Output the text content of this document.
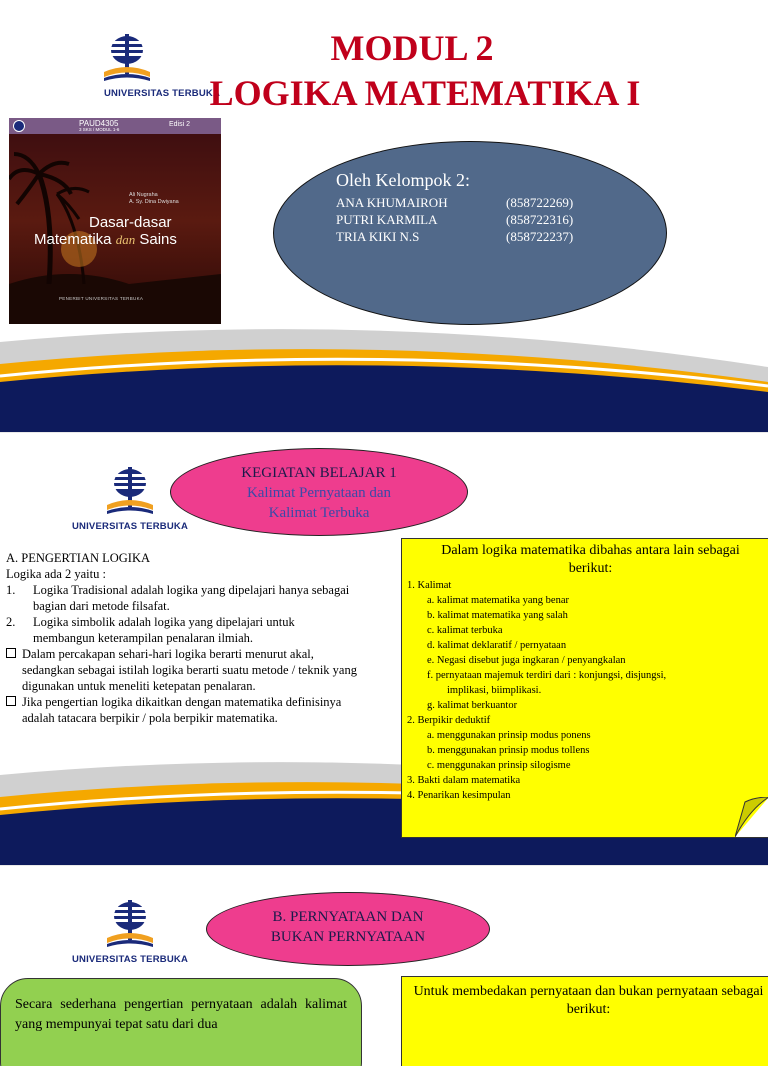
UNIVERSITAS TERBUKA
MODUL 2
LOGIKA MATEMATIKA I
PAUD4305
3 SKS / MODUL 1-6
Edisi 2
Ali Nugraha
A. Sy. Dina Dwiyana
Dasar-dasar
Matematika dan Sains
PENERBIT UNIVERSITAS TERBUKA
Oleh Kelompok 2:
ANA KHUMAIROH	(858722269)
PUTRI KARMILA	(858722316)
TRIA KIKI N.S	(858722237)
UNIVERSITAS TERBUKA
KEGIATAN BELAJAR 1
Kalimat Pernyataan dan
Kalimat Terbuka
A. PENGERTIAN LOGIKA
Logika ada 2 yaitu :
1.	Logika Tradisional adalah logika yang dipelajari hanya sebagai bagian dari metode filsafat.
2.	Logika simbolik adalah logika yang dipelajari untuk membangun keterampilan penalaran ilmiah.
Dalam percakapan sehari-hari logika berarti menurut akal, sedangkan sebagai istilah logika berarti suatu metode / teknik yang digunakan untuk meneliti ketepatan penalaran.
Jika pengertian logika dikaitkan dengan matematika definisinya adalah tatacara berpikir / pola berpikir matematika.
Dalam logika matematika dibahas antara lain sebagai berikut:
1. Kalimat
a. kalimat matematika yang benar
b. kalimat matematika yang salah
c. kalimat terbuka
d. kalimat deklaratif / pernyataan
e. Negasi disebut juga ingkaran / penyangkalan
f. pernyataan majemuk terdiri dari : konjungsi, disjungsi,
implikasi, biimplikasi.
g. kalimat berkuantor
2. Berpikir deduktif
a. menggunakan prinsip modus ponens
b. menggunakan prinsip modus tollens
c. menggunakan prinsip silogisme
3. Bakti dalam matematika
4. Penarikan kesimpulan
UNIVERSITAS TERBUKA
B. PERNYATAAN DAN
BUKAN PERNYATAAN
Secara sederhana pengertian pernyataan adalah kalimat yang mempunyai tepat satu dari dua
Untuk membedakan pernyataan dan bukan pernyataan sebagai berikut:
